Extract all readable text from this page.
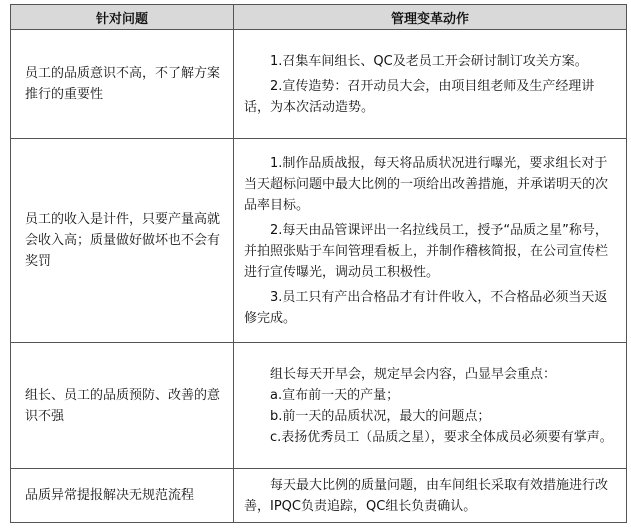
针对问题	管理变革动作
员工的品质意识不高，不了解方案推行的重要性	1.召集车间组长、QC及老员工开会研讨制订攻关方案。

2.宣传造势：召开动员大会，由项目组老师及生产经理讲话，为本次活动造势。

员工的收入是计件，只要产量高就会收入高；质量做好做坏也不会有奖罚	1.制作品质战报，每天将品质状况进行曝光，要求组长对于当天超标问题中最大比例的一项给出改善措施，并承诺明天的次品率目标。

2.每天由品管课评出一名拉线员工，授予“品质之星”称号，并拍照张贴于车间管理看板上，并制作稽核简报，在公司宣传栏进行宣传曝光，调动员工积极性。

3.员工只有产出合格品才有计件收入，不合格品必须当天返修完成。

组长、员工的品质预防、改善的意识不强	组长每天开早会，规定早会内容，凸显早会重点：

a.宣布前一天的产量；

b.前一天的品质状况，最大的问题点；

c.表扬优秀员工（品质之星），要求全体成员必须要有掌声。

品质异常提报解决无规范流程	每天最大比例的质量问题，由车间组长采取有效措施进行改善，IPQC负责追踪，QC组长负责确认。
